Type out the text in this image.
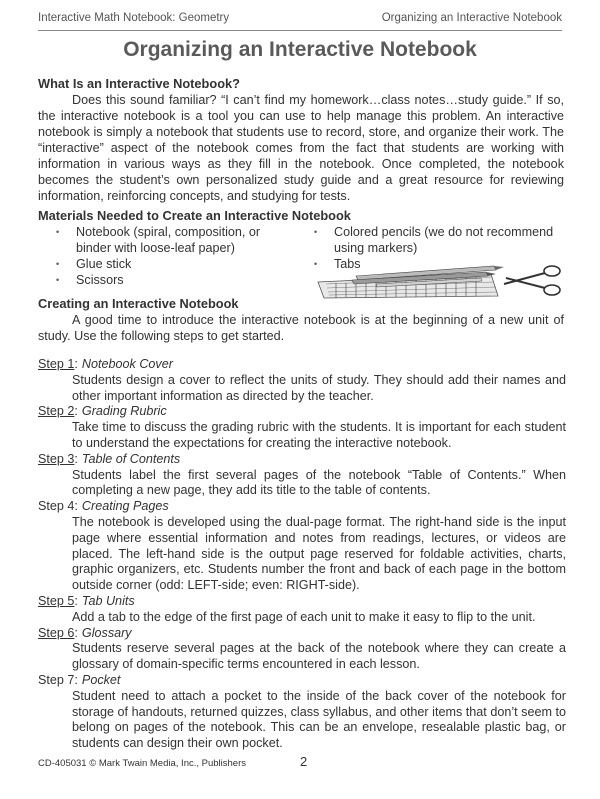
Interactive Math Notebook: Geometry	Organizing an Interactive Notebook
Organizing an Interactive Notebook
What Is an Interactive Notebook?

Does this sound familiar? “I can’t find my homework…class notes…study guide.” If so, the interactive notebook is a tool you can use to help manage this problem. An interactive notebook is simply a notebook that students use to record, store, and organize their work. The “interactive” aspect of the notebook comes from the fact that students are working with information in various ways as they fill in the notebook. Once completed, the notebook becomes the student’s own personalized study guide and a great resource for reviewing information, reinforcing concepts, and studying for tests.

Materials Needed to Create an Interactive Notebook
• Notebook (spiral, composition, or binder with loose-leaf paper)
• Glue stick
• Scissors
• Colored pencils (we do not recommend using markers)
• Tabs
Creating an Interactive Notebook

A good time to introduce the interactive notebook is at the beginning of a new unit of study. Use the following steps to get started.

Step 1: Notebook Cover
Students design a cover to reflect the units of study. They should add their names and other important information as directed by the teacher.
Step 2: Grading Rubric
Take time to discuss the grading rubric with the students. It is important for each student to understand the expectations for creating the interactive notebook.
Step 3: Table of Contents
Students label the first several pages of the notebook “Table of Contents.” When completing a new page, they add its title to the table of contents.
Step 4: Creating Pages
The notebook is developed using the dual-page format. The right-hand side is the input page where essential information and notes from readings, lectures, or videos are placed. The left-hand side is the output page reserved for foldable activities, charts, graphic organizers, etc. Students number the front and back of each page in the bottom outside corner (odd: LEFT-side; even: RIGHT-side).
Step 5: Tab Units
Add a tab to the edge of the first page of each unit to make it easy to flip to the unit.
Step 6: Glossary
Students reserve several pages at the back of the notebook where they can create a glossary of domain-specific terms encountered in each lesson.
Step 7: Pocket
Student need to attach a pocket to the inside of the back cover of the notebook for storage of handouts, returned quizzes, class syllabus, and other items that don’t seem to belong on pages of the notebook. This can be an envelope, resealable plastic bag, or students can design their own pocket.
CD-405031 © Mark Twain Media, Inc., Publishers	2
